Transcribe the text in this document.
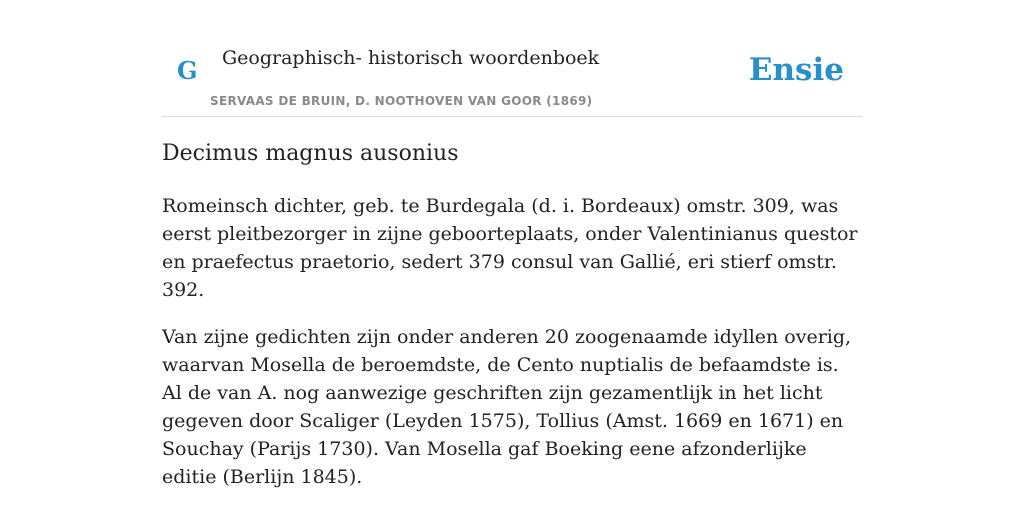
G Geographisch- historisch woordenboek
SERVAAS DE BRUIN, D. NOOTHOVEN VAN GOOR (1869)
Ensie
Decimus magnus ausonius

Romeinsch dichter, geb. te Burdegala (d. i. Bordeaux) omstr. 309, was eerst pleitbezorger in zijne geboorteplaats, onder Valentinianus questor en praefectus praetorio, sedert 379 consul van Gallié, eri stierf omstr. 392.

Van zijne gedichten zijn onder anderen 20 zoogenaamde idyllen overig, waarvan Mosella de beroemdste, de Cento nuptialis de befaamdste is. Al de van A. nog aanwezige geschriften zijn gezamentlijk in het licht gegeven door Scaliger (Leyden 1575), Tollius (Amst. 1669 en 1671) en Souchay (Parijs 1730). Van Mosella gaf Boeking eene afzonderlijke editie (Berlijn 1845).
